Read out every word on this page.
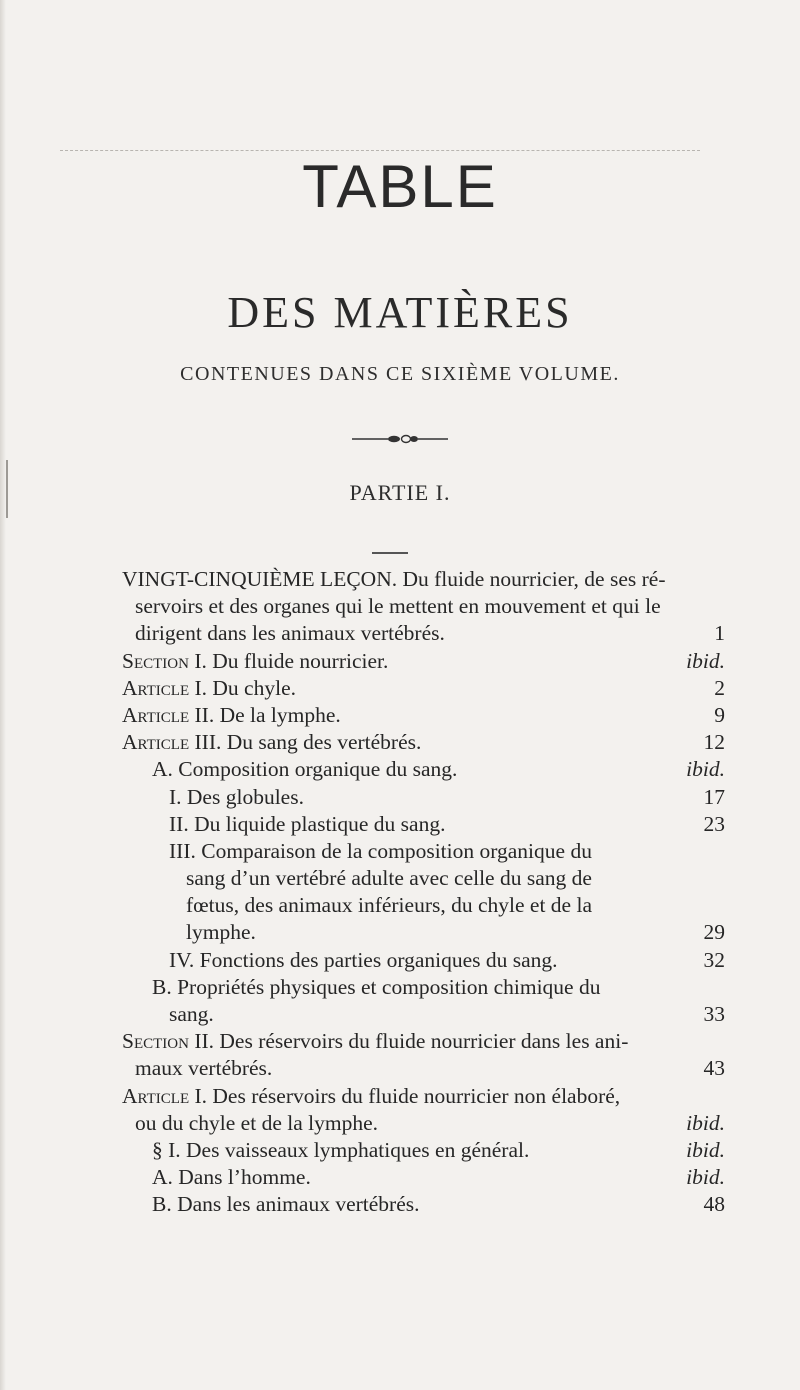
TABLE
DES MATIÈRES
CONTENUES DANS CE SIXIÈME VOLUME.
PARTIE I.
VINGT-CINQUIÈME LEÇON. Du fluide nourricier, de ses ré-
servoirs et des organes qui le mettent en mouvement et qui le
dirigent dans les animaux vertébrés.	1
Section I. Du fluide nourricier.	ibid.
Article I. Du chyle.	2
Article II. De la lymphe.	9
Article III. Du sang des vertébrés.	12
A. Composition organique du sang.	ibid.
I. Des globules.	17
II. Du liquide plastique du sang.	23
III. Comparaison de la composition organique du
sang d’un vertébré adulte avec celle du sang de
fœtus, des animaux inférieurs, du chyle et de la
lymphe.	29
IV. Fonctions des parties organiques du sang.	32
B. Propriétés physiques et composition chimique du
sang.	33
Section II. Des réservoirs du fluide nourricier dans les ani-
maux vertébrés.	43
Article I. Des réservoirs du fluide nourricier non élaboré,
ou du chyle et de la lymphe.	ibid.
§ I. Des vaisseaux lymphatiques en général.	ibid.
A. Dans l’homme.	ibid.
B. Dans les animaux vertébrés.	48
